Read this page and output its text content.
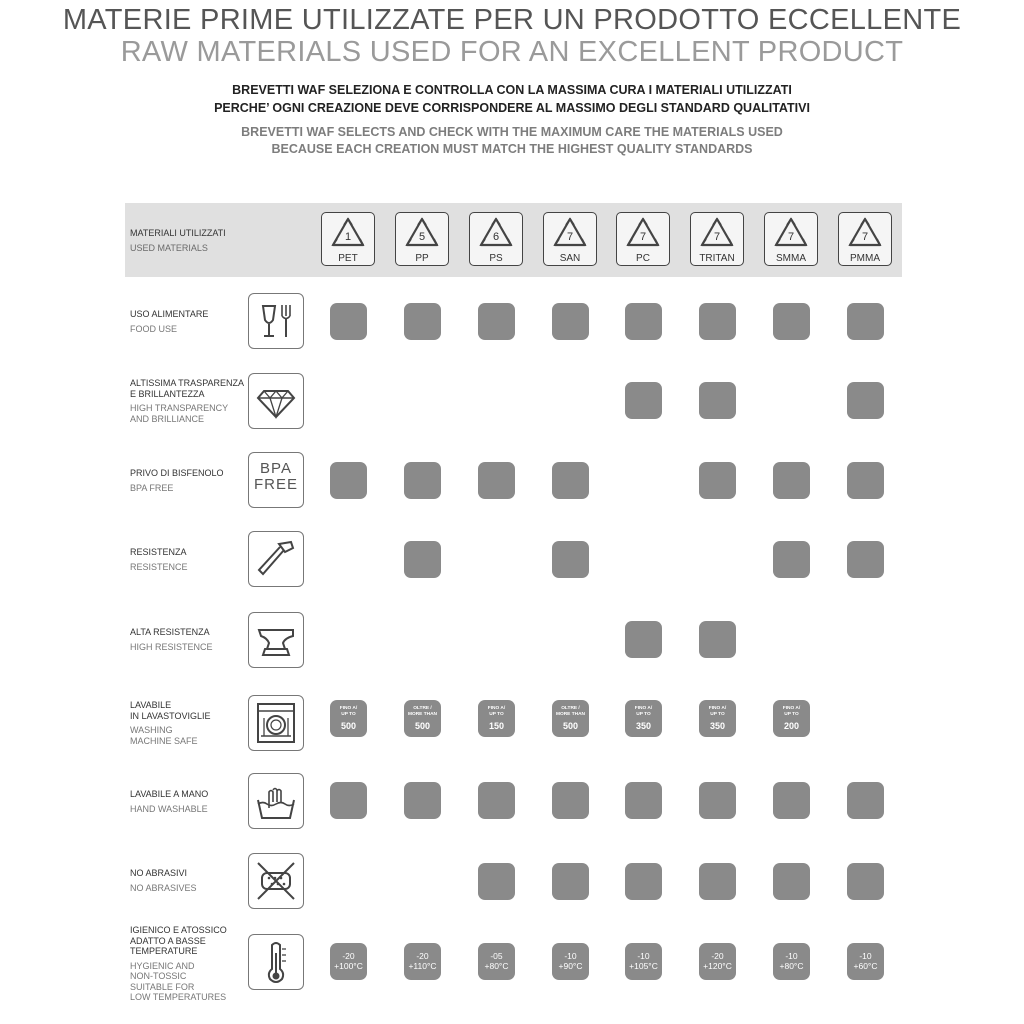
MATERIE PRIME UTILIZZATE PER UN PRODOTTO ECCELLENTE
RAW MATERIALS USED FOR AN EXCELLENT PRODUCT
BREVETTI WAF SELEZIONA E CONTROLLA CON LA MASSIMA CURA I MATERIALI UTILIZZATI
PERCHE’ OGNI CREAZIONE DEVE CORRISPONDERE AL MASSIMO DEGLI STANDARD QUALITATIVI
BREVETTI WAF SELECTS AND CHECK WITH THE MAXIMUM CARE THE MATERIALS USED
BECAUSE EACH CREATION MUST MATCH THE HIGHEST QUALITY STANDARDS
MATERIALI UTILIZZATI
USED MATERIALS
1
PET
5
PP
6
PS
7
SAN
7
PC
7
TRITAN
7
SMMA
7
PMMA
USO ALIMENTARE
FOOD USE
ALTISSIMA TRASPARENZA
E BRILLANTEZZA
HIGH TRANSPARENCY
AND BRILLIANCE
PRIVO DI BISFENOLO
BPA FREE
BPA
FREE
RESISTENZA
RESISTENCE
ALTA RESISTENZA
HIGH RESISTENCE
LAVABILE
IN LAVASTOVIGLIE
WASHING
MACHINE SAFE
LAVABILE A MANO
HAND WASHABLE
NO ABRASIVI
NO ABRASIVES
IGIENICO E ATOSSICO
ADATTO A BASSE
TEMPERATURE
HYGIENIC AND
NON-TOSSIC
SUITABLE FOR
LOW TEMPERATURES
FINO A/
UP TO
500
OLTRE /
MORE THAN
500
FINO A/
UP TO
150
OLTRE /
MORE THAN
500
FINO A/
UP TO
350
FINO A/
UP TO
350
FINO A/
UP TO
200
-20
+100°C
-20
+110°C
-05
+80°C
-10
+90°C
-10
+105°C
-20
+120°C
-10
+80°C
-10
+60°C
